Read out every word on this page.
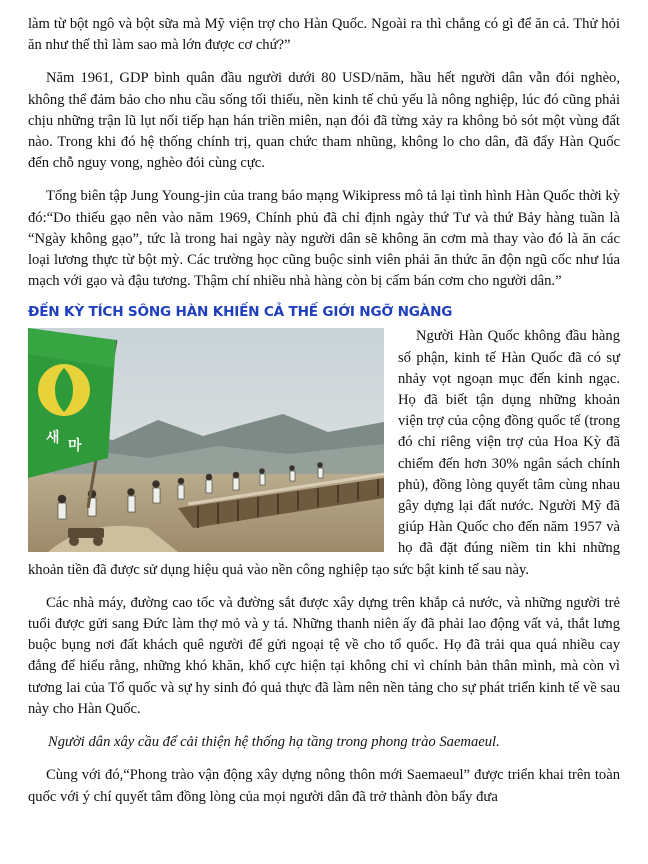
làm từ bột ngô và bột sữa mà Mỹ viện trợ cho Hàn Quốc. Ngoài ra thì chẳng có gì để ăn cả. Thử hỏi ăn như thế thì làm sao mà lớn được cơ chứ?”

Năm 1961, GDP bình quân đầu người dưới 80 USD/năm, hầu hết người dân vẫn đói nghèo, không thể đảm bảo cho nhu cầu sống tối thiểu, nền kinh tế chủ yếu là nông nghiệp, lúc đó cũng phải chịu những trận lũ lụt nối tiếp hạn hán triền miên, nạn đói đã từng xảy ra không bỏ sót một vùng đất nào. Trong khi đó hệ thống chính trị, quan chức tham nhũng, không lo cho dân, đã đẩy Hàn Quốc đến chỗ nguy vong, nghèo đói cùng cực.

Tổng biên tập Jung Young-jin của trang báo mạng Wikipress mô tả lại tình hình Hàn Quốc thời kỳ đó:“Do thiếu gạo nên vào năm 1969, Chính phủ đã chỉ định ngày thứ Tư và thứ Bảy hàng tuần là “Ngày không gạo”, tức là trong hai ngày này người dân sẽ không ăn cơm mà thay vào đó là ăn các loại lương thực từ bột mỳ. Các trường học cũng buộc sinh viên phải ăn thức ăn độn ngũ cốc như lúa mạch với gạo và đậu tương. Thậm chí nhiều nhà hàng còn bị cấm bán cơm cho người dân.”

ĐẾN KỲ TÍCH SÔNG HÀN KHIẾN CẢ THẾ GIỚI NGỠ NGÀNG
새 마

Người Hàn Quốc không đầu hàng số phận, kinh tế Hàn Quốc đã có sự nhảy vọt ngoạn mục đến kinh ngạc. Họ đã biết tận dụng những khoản viện trợ của cộng đồng quốc tế (trong đó chỉ riêng viện trợ của Hoa Kỳ đã chiếm đến hơn 30% ngân sách chính phủ), đồng lòng quyết tâm cùng nhau gây dựng lại đất nước. Người Mỹ đã giúp Hàn Quốc cho đến năm 1957 và họ đã đặt đúng niềm tin khi những khoản tiền đã được sử dụng hiệu quả vào nền công nghiệp tạo sức bật kinh tế sau này.

Các nhà máy, đường cao tốc và đường sắt được xây dựng trên khắp cả nước, và những người trẻ tuổi được gửi sang Đức làm thợ mỏ và y tá. Những thanh niên ấy đã phải lao động vất vả, thắt lưng buộc bụng nơi đất khách quê người để gửi ngoại tệ về cho tổ quốc. Họ đã trải qua quá nhiều cay đắng để hiểu rằng, những khó khăn, khổ cực hiện tại không chỉ vì chính bản thân mình, mà còn vì tương lai của Tổ quốc và sự hy sinh đó quả thực đã làm nên nền tảng cho sự phát triển kinh tế về sau này cho Hàn Quốc.

Người dân xây cầu để cải thiện hệ thống hạ tầng trong phong trào Saemaeul.

Cùng với đó,“Phong trào vận động xây dựng nông thôn mới Saemaeul” được triển khai trên toàn quốc với ý chí quyết tâm đồng lòng của mọi người dân đã trở thành đòn bẩy đưa
